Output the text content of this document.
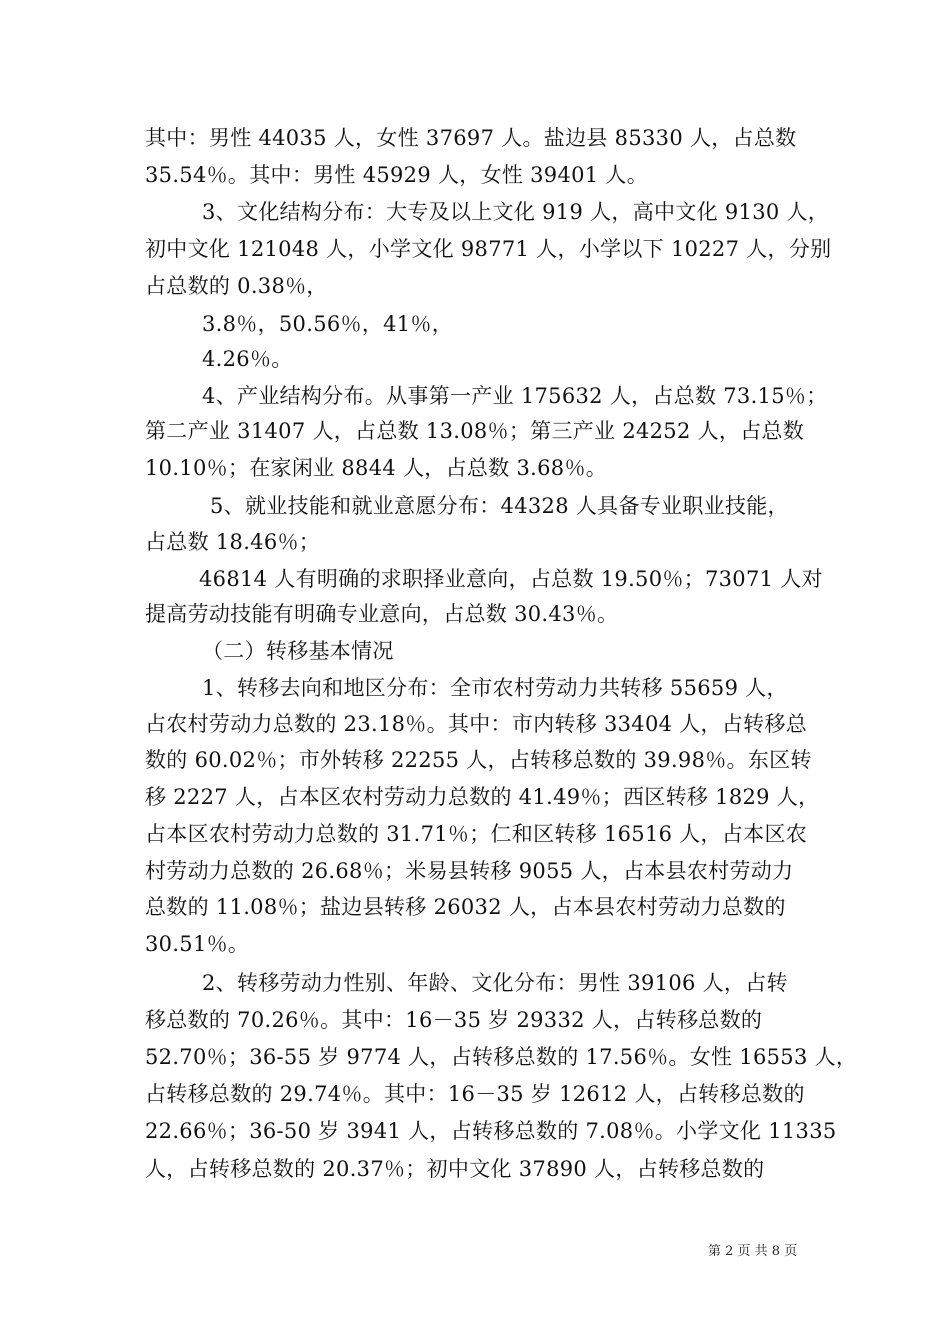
其中：男性 44035 人，女性 37697 人。盐边县 85330 人，占总数
35.54％。其中：男性 45929 人，女性 39401 人。
3、文化结构分布：大专及以上文化 919 人，高中文化 9130 人，
初中文化 121048 人，小学文化 98771 人，小学以下 10227 人，分别
占总数的 0.38％，
3.8％，50.56％，41％，
4.26％。
4、产业结构分布。从事第一产业 175632 人，占总数 73.15％；
第二产业 31407 人，占总数 13.08％；第三产业 24252 人，占总数
10.10％；在家闲业 8844 人，占总数 3.68％。
5、就业技能和就业意愿分布：44328 人具备专业职业技能，
占总数 18.46％；
46814 人有明确的求职择业意向，占总数 19.50％；73071 人对
提高劳动技能有明确专业意向，占总数 30.43％。
（二）转移基本情况
1、转移去向和地区分布：全市农村劳动力共转移 55659 人，
占农村劳动力总数的 23.18％。其中：市内转移 33404 人，占转移总
数的 60.02％；市外转移 22255 人，占转移总数的 39.98％。东区转
移 2227 人，占本区农村劳动力总数的 41.49％；西区转移 1829 人，
占本区农村劳动力总数的 31.71％；仁和区转移 16516 人，占本区农
村劳动力总数的 26.68％；米易县转移 9055 人，占本县农村劳动力
总数的 11.08％；盐边县转移 26032 人，占本县农村劳动力总数的
30.51％。
2、转移劳动力性别、年龄、文化分布：男性 39106 人，占转
移总数的 70.26％。其中：16－35 岁 29332 人，占转移总数的
52.70％；36-55 岁 9774 人，占转移总数的 17.56％。女性 16553 人，
占转移总数的 29.74％。其中：16－35 岁 12612 人，占转移总数的
22.66％；36-50 岁 3941 人，占转移总数的 7.08％。小学文化 11335
人，占转移总数的 20.37％；初中文化 37890 人，占转移总数的
第 2 页 共 8 页
